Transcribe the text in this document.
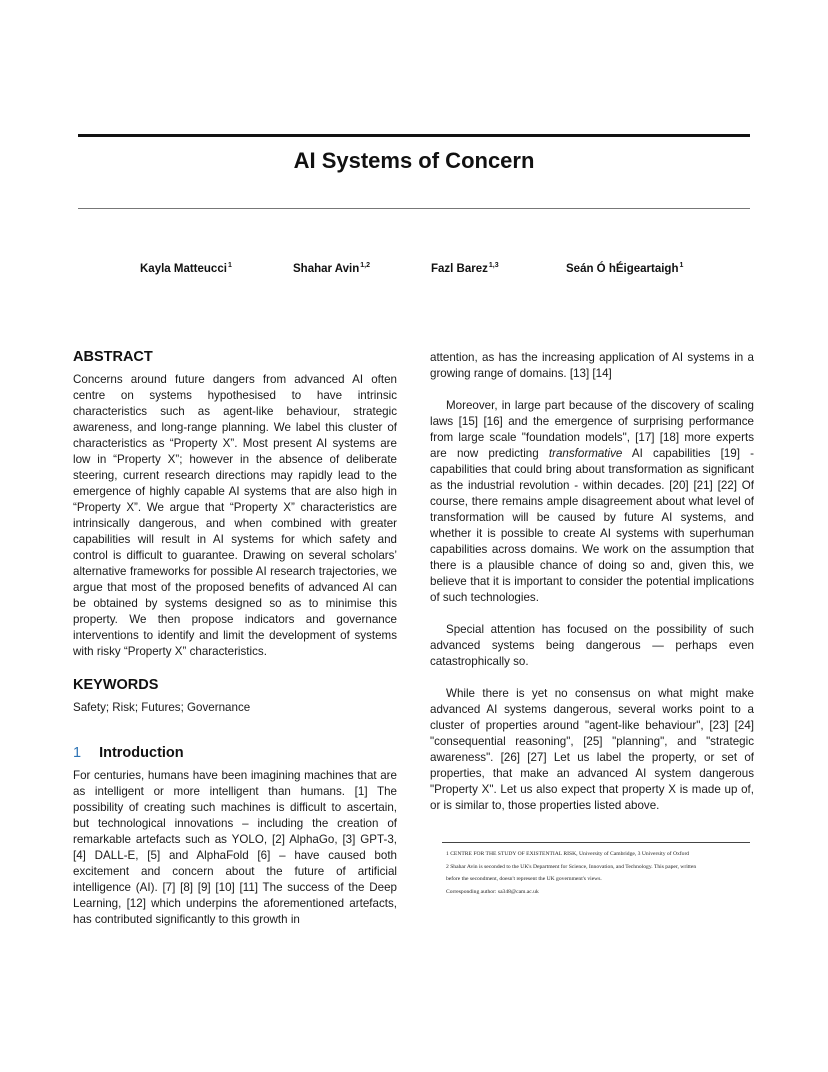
AI Systems of Concern
Kayla Matteucci$^1$	Shahar Avin$^{1,2}$	Fazl Barez$^{1,3}$	Seán Ó hÉigeartaigh$^1$
ABSTRACT

Concerns around future dangers from advanced AI often centre on systems hypothesised to have intrinsic characteristics such as agent-like behaviour, strategic awareness, and long-range planning. We label this cluster of characteristics as “Property X”. Most present AI systems are low in “Property X”; however in the absence of deliberate steering, current research directions may rapidly lead to the emergence of highly capable AI systems that are also high in “Property X”. We argue that “Property X” characteristics are intrinsically dangerous, and when combined with greater capabilities will result in AI systems for which safety and control is difficult to guarantee. Drawing on several scholars’ alternative frameworks for possible AI research trajectories, we argue that most of the proposed benefits of advanced AI can be obtained by systems designed so as to minimise this property. We then propose indicators and governance interventions to identify and limit the development of systems with risky “Property X” characteristics.

KEYWORDS

Safety; Risk; Futures; Governance

1 Introduction

For centuries, humans have been imagining machines that are as intelligent or more intelligent than humans. [1] The possibility of creating such machines is difficult to ascertain, but technological innovations – including the creation of remarkable artefacts such as YOLO, [2] AlphaGo, [3] GPT-3, [4] DALL-E, [5] and AlphaFold [6] – have caused both excitement and concern about the future of artificial intelligence (AI). [7] [8] [9] [10] [11] The success of the Deep Learning, [12] which underpins the aforementioned artefacts, has contributed significantly to this growth in

attention, as has the increasing application of AI systems in a growing range of domains. [13] [14]

Moreover, in large part because of the discovery of scaling laws [15] [16] and the emergence of surprising performance from large scale "foundation models", [17] [18] more experts are now predicting transformative AI capabilities [19] - capabilities that could bring about transformation as significant as the industrial revolution - within decades. [20] [21] [22] Of course, there remains ample disagreement about what level of transformation will be caused by future AI systems, and whether it is possible to create AI systems with superhuman capabilities across domains. We work on the assumption that there is a plausible chance of doing so and, given this, we believe that it is important to consider the potential implications of such technologies.

Special attention has focused on the possibility of such advanced systems being dangerous — perhaps even catastrophically so.

While there is yet no consensus on what might make advanced AI systems dangerous, several works point to a cluster of properties around "agent-like behaviour", [23] [24] "consequential reasoning", [25] "planning", and "strategic awareness". [26] [27] Let us label the property, or set of properties, that make an advanced AI system dangerous "Property X". Let us also expect that property X is made up of, or is similar to, those properties listed above.

1 CENTRE FOR THE STUDY OF EXISTENTIAL RISK, University of Cambridge, 3 University of Oxford
2 Shahar Avin is seconded to the UK's Department for Science, Innovation, and Technology. This paper, written
before the secondment, doesn't represent the UK government's views.
Corresponding author: sa348@cam.ac.uk
